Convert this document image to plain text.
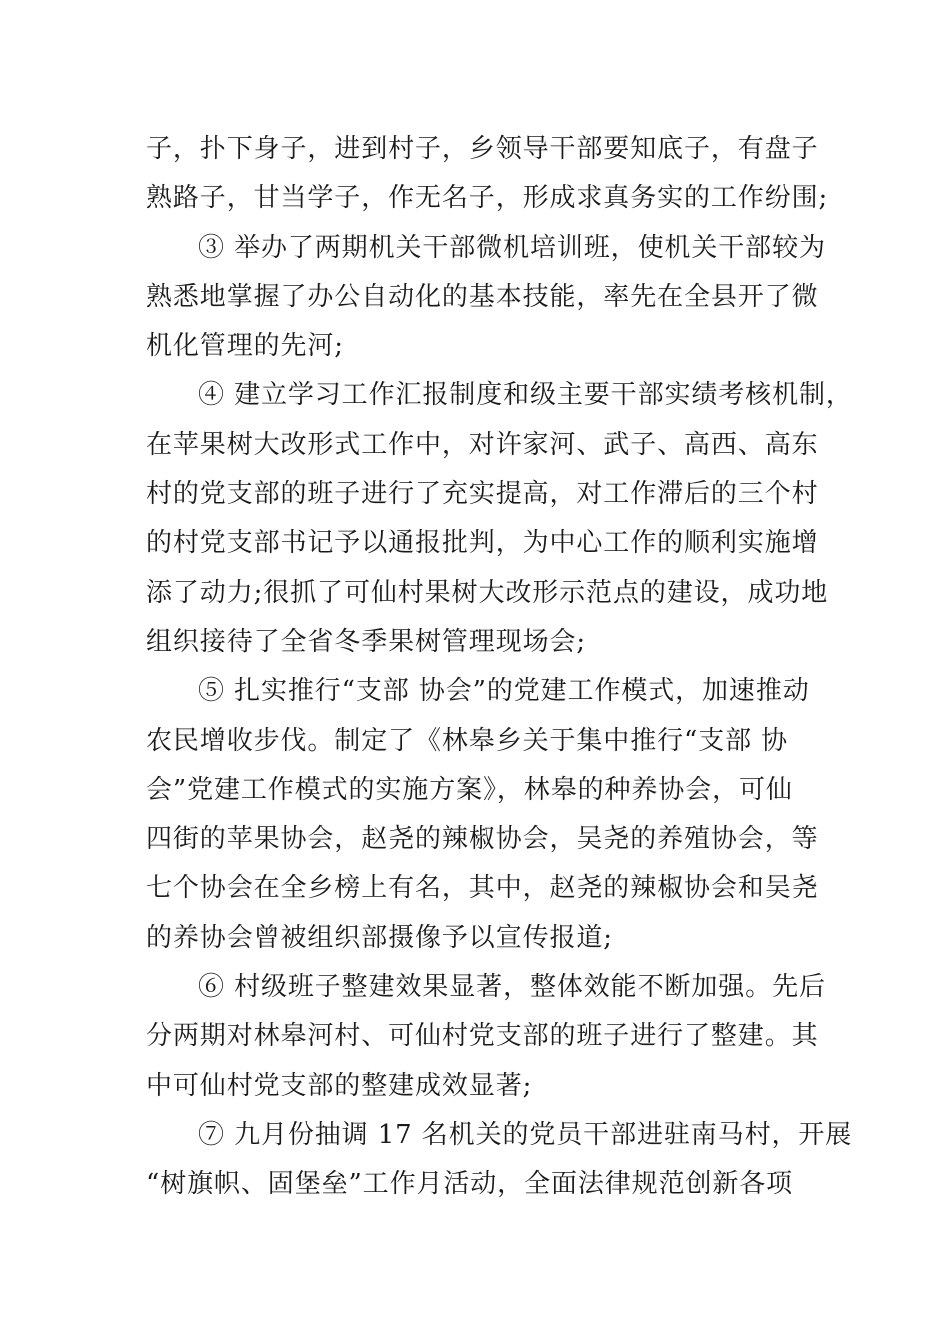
子，扑下身子，进到村子，乡领导干部要知底子，有盘子
熟路子，甘当学子，作无名子，形成求真务实的工作纷围;

③ 举办了两期机关干部微机培训班，使机关干部较为
熟悉地掌握了办公自动化的基本技能，率先在全县开了微
机化管理的先河;

④ 建立学习工作汇报制度和级主要干部实绩考核机制，
在苹果树大改形式工作中，对许家河、武子、高西、高东
村的党支部的班子进行了充实提高，对工作滞后的三个村
的村党支部书记予以通报批判，为中心工作的顺利实施增
添了动力;很抓了可仙村果树大改形示范点的建设，成功地
组织接待了全省冬季果树管理现场会;

⑤ 扎实推行“支部 协会”的党建工作模式，加速推动
农民增收步伐。制定了《林皋乡关于集中推行“支部 协
会”党建工作模式的实施方案》，林皋的种养协会，可仙
四街的苹果协会，赵尧的辣椒协会，吴尧的养殖协会，等
七个协会在全乡榜上有名，其中，赵尧的辣椒协会和吴尧
的养协会曾被组织部摄像予以宣传报道;

⑥ 村级班子整建效果显著，整体效能不断加强。先后
分两期对林皋河村、可仙村党支部的班子进行了整建。其
中可仙村党支部的整建成效显著;

⑦ 九月份抽调 17 名机关的党员干部进驻南马村，开展
“树旗帜、固堡垒”工作月活动，全面法律规范创新各项
